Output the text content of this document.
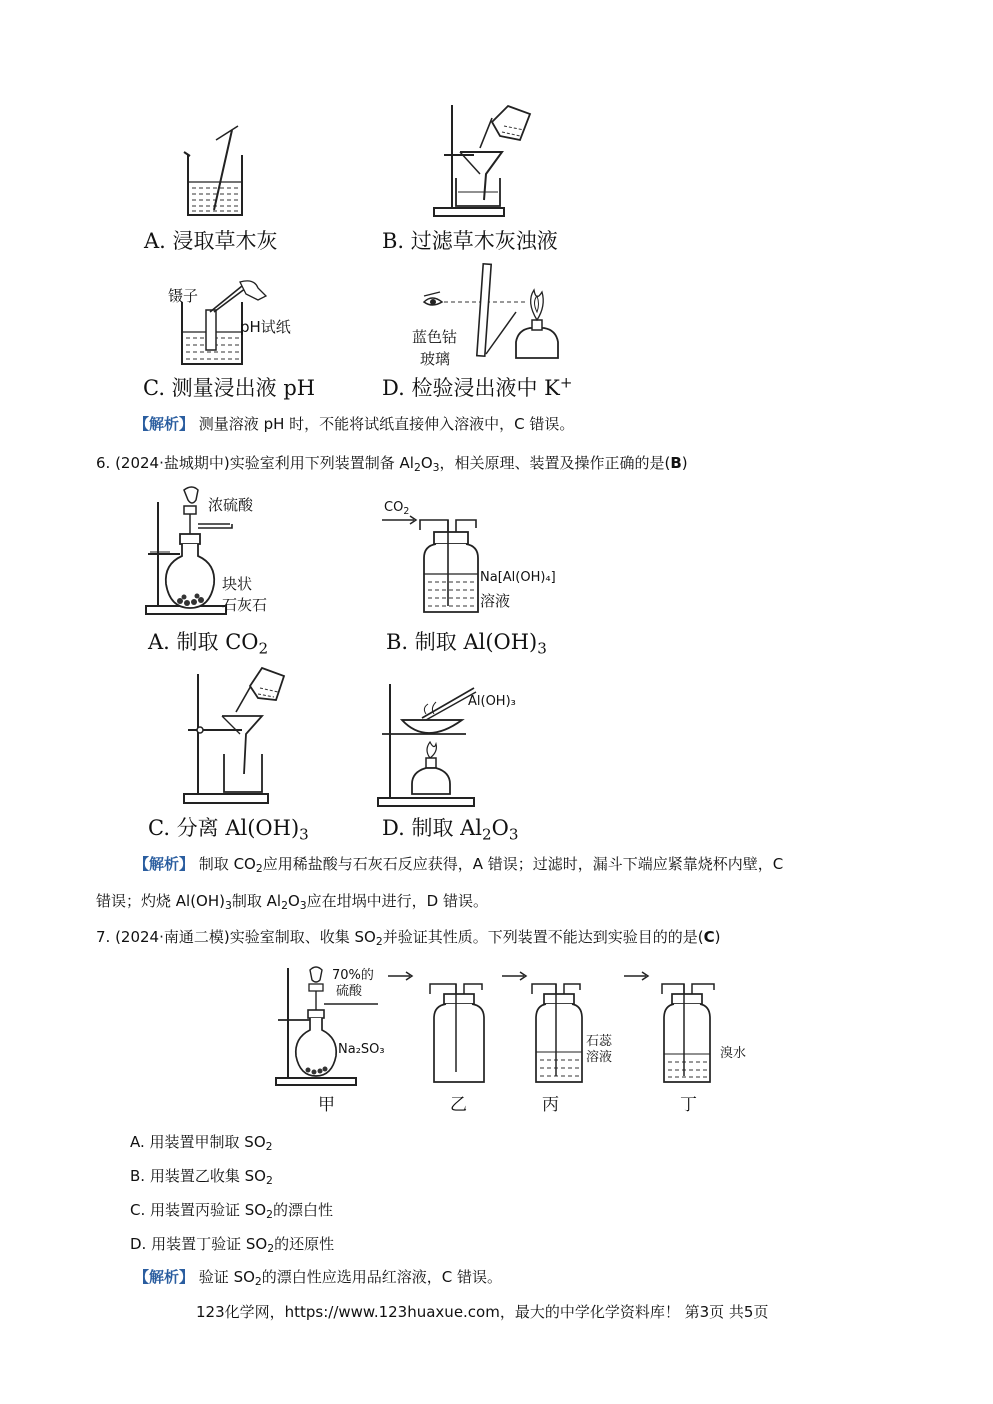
A. 浸取草木灰	B. 过滤草木灰浊液
镊子
pH试纸
C. 测量浸出液 pH
蓝色钴
玻璃
D. 检验浸出液中 K+
【解析】 测量溶液 pH 时，不能将试纸直接伸入溶液中，C 错误。
6. (2024·盐城期中)实验室利用下列装置制备 $Al_2O_3$，相关原理、装置及操作正确的是(B)
浓硫酸
块状
石灰石
A. 制取 $CO_2$
$CO_2$
Na[Al(OH)₄]
溶液
B. 制取 $Al(OH)_3$
C. 分离 $Al(OH)_3$
Al(OH)₃
D. 制取 $Al_2O_3$
【解析】 制取 $CO_2$应用稀盐酸与石灰石反应获得，A 错误；过滤时，漏斗下端应紧靠烧杯内壁，C
错误；灼烧 $Al(OH)_3$制取 $Al_2O_3$应在坩埚中进行，D 错误。
7. (2024·南通二模)实验室制取、收集 $SO_2$并验证其性质。下列装置不能达到实验目的的是(C)
70%的
硫酸
Na₂SO₃
石蕊
溶液	溴水
甲	乙	丙	丁
A. 用装置甲制取 $SO_2$
B. 用装置乙收集 $SO_2$
C. 用装置丙验证 $SO_2$的漂白性
D. 用装置丁验证 $SO_2$的还原性
【解析】 验证 $SO_2$的漂白性应选用品红溶液，C 错误。
123化学网，https://www.123huaxue.com，最大的中学化学资料库！ 第3页 共5页
